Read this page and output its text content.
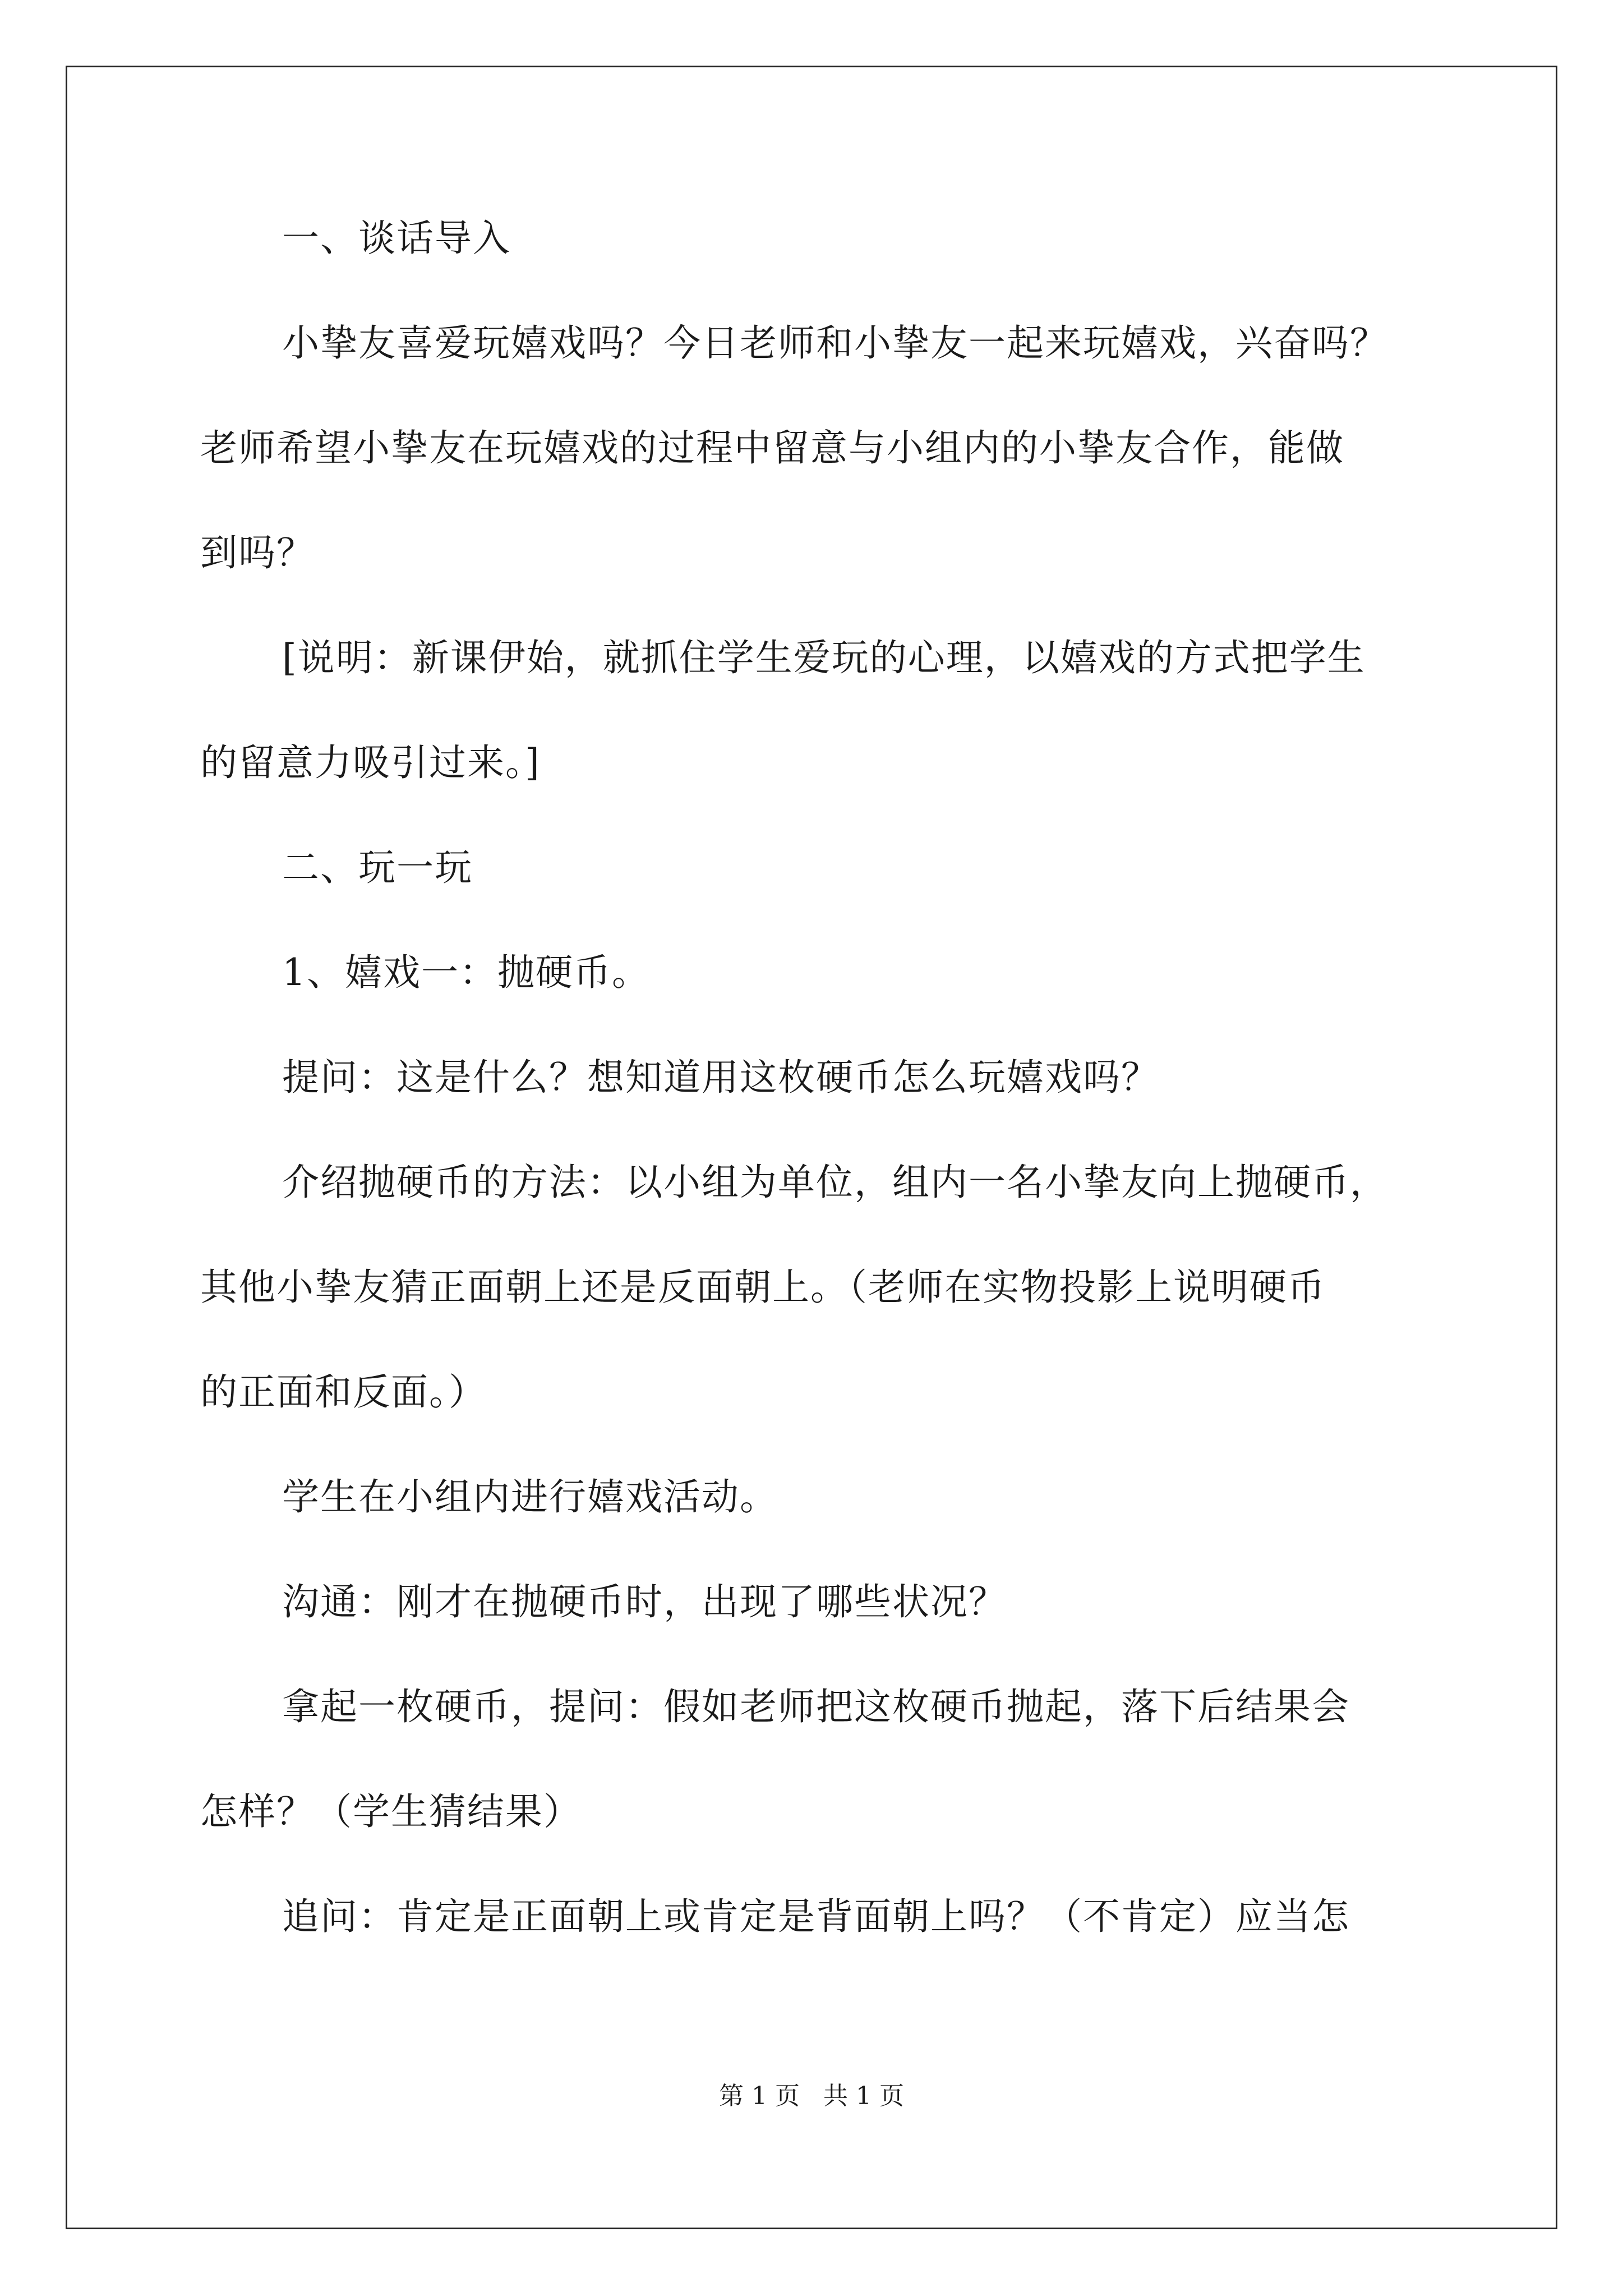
一、谈话导入

小挚友喜爱玩嬉戏吗？今日老师和小挚友一起来玩嬉戏，兴奋吗？

老师希望小挚友在玩嬉戏的过程中留意与小组内的小挚友合作，能做

到吗？

[说明：新课伊始，就抓住学生爱玩的心理，以嬉戏的方式把学生

的留意力吸引过来。]

二、玩一玩

1、嬉戏一：抛硬币。

提问：这是什么？想知道用这枚硬币怎么玩嬉戏吗？

介绍抛硬币的方法：以小组为单位，组内一名小挚友向上抛硬币，

其他小挚友猜正面朝上还是反面朝上。（老师在实物投影上说明硬币

的正面和反面。）

学生在小组内进行嬉戏活动。

沟通：刚才在抛硬币时，出现了哪些状况？

拿起一枚硬币，提问：假如老师把这枚硬币抛起，落下后结果会

怎样？（学生猜结果）

追问：肯定是正面朝上或肯定是背面朝上吗？（不肯定）应当怎

第 1 页   共 1 页
